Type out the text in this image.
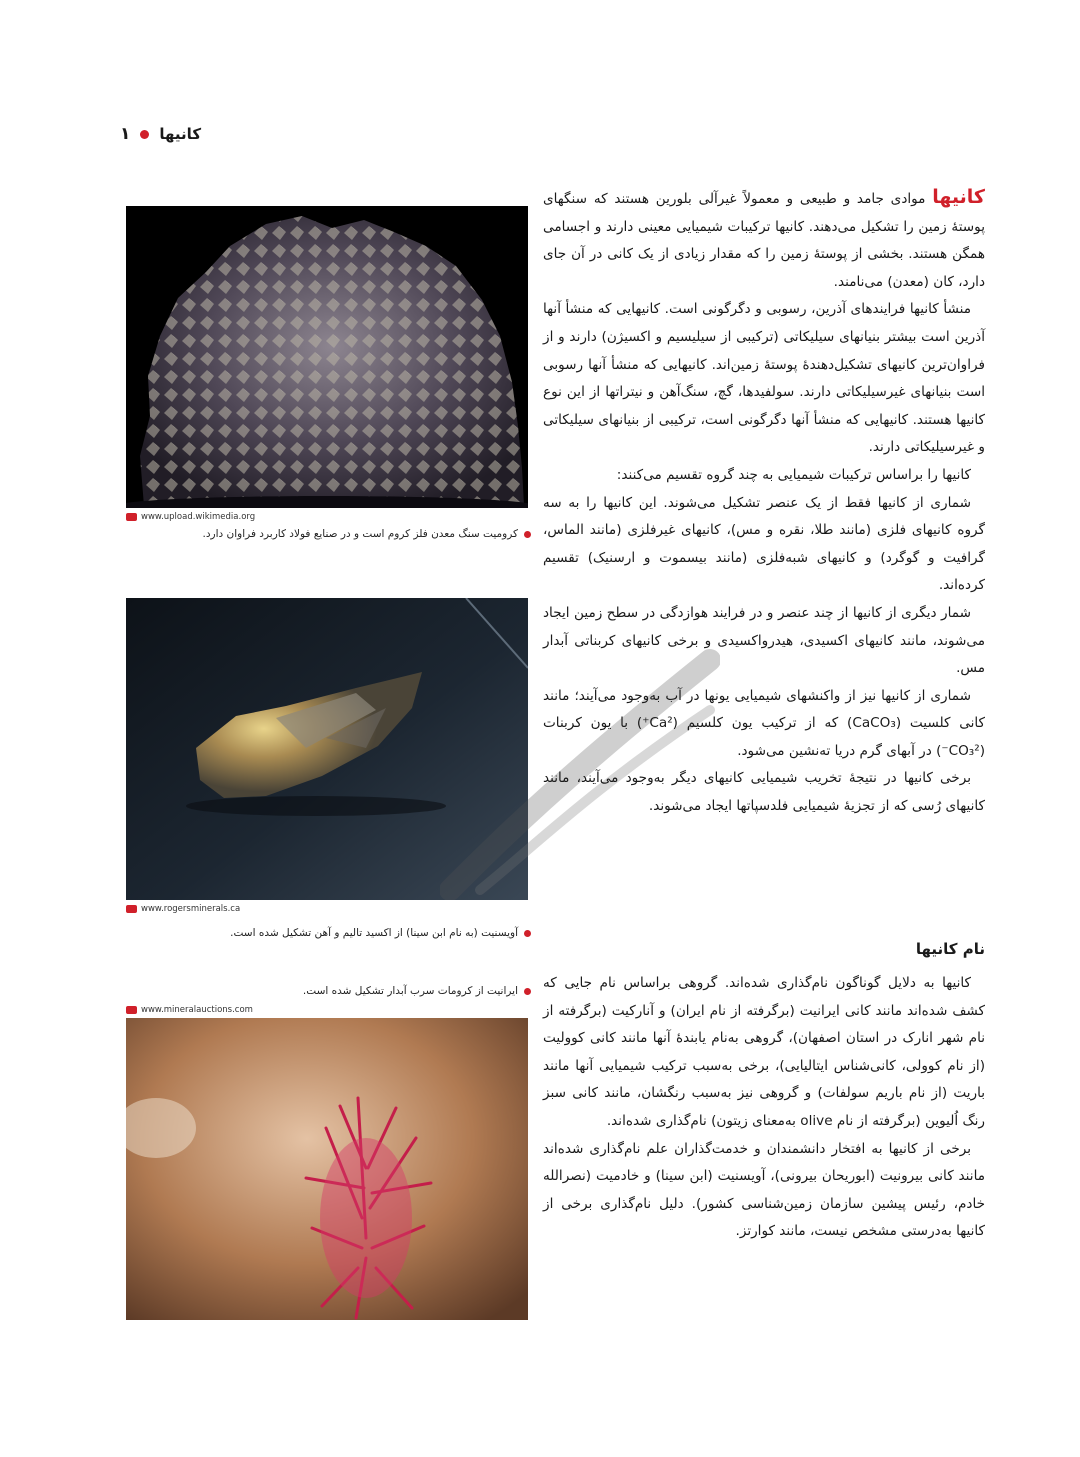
۱ کانیها
www.upload.wikimedia.org
کرومیت سنگ معدن فلز کروم است و در صنایع فولاد کاربرد فراوان دارد.
www.rogersminerals.ca
آویسنیت (به نام ابن سینا) از اکسید تالیم و آهن تشکیل شده است.
ایرانیت از کرومات سرب آبدار تشکیل شده است.
www.mineralauctions.com

کانیها موادی جامد و طبیعی و معمولاً غیرآلی بلورین هستند که سنگهای پوستهٔ زمین را تشکیل می‌دهند. کانیها ترکیبات شیمیایی معینی دارند و اجسامی همگن هستند. بخشی از پوستهٔ زمین را که مقدار زیادی از یک کانی در آن جای دارد، کان (معدن) می‌نامند.

منشأ کانیها فرایندهای آذرین، رسوبی و دگرگونی است. کانیهایی که منشأ آنها آذرین است بیشتر بنیانهای سیلیکاتی (ترکیبی از سیلیسیم و اکسیژن) دارند و از فراوان‌ترین کانیهای تشکیل‌دهندهٔ پوستهٔ زمین‌اند. کانیهایی که منشأ آنها رسوبی است بنیانهای غیرسیلیکاتی دارند. سولفیدها، گچ، سنگ‌آهن و نیتراتها از این نوع کانیها هستند. کانیهایی که منشأ آنها دگرگونی است، ترکیبی از بنیانهای سیلیکاتی و غیرسیلیکاتی دارند.

کانیها را براساس ترکیبات شیمیایی به چند گروه تقسیم می‌کنند:

شماری از کانیها فقط از یک عنصر تشکیل می‌شوند. این کانیها را به سه گروه کانیهای فلزی (مانند طلا، نقره و مس)، کانیهای غیرفلزی (مانند الماس، گرافیت و گوگرد) و کانیهای شبه‌فلزی (مانند بیسموت و ارسنیک) تقسیم کرده‌اند.

شمار دیگری از کانیها از چند عنصر و در فرایند هوازدگی در سطح زمین ایجاد می‌شوند، مانند کانیهای اکسیدی، هیدرواکسیدی و برخی کانیهای کربناتی آبدار مس.

شماری از کانیها نیز از واکنشهای شیمیایی یونها در آب به‌وجود می‌آیند؛ مانند کانی کلسیت (CaCO₃) که از ترکیب یون کلسیم (Ca²⁺) با یون کربنات (CO₃²⁻) در آبهای گرم دریا ته‌نشین می‌شود.

برخی کانیها در نتیجهٔ تخریب شیمیایی کانیهای دیگر به‌وجود می‌آیند، مانند کانیهای رُسی که از تجزیهٔ شیمیایی فلدسپاتها ایجاد می‌شوند.

نام کانیها

کانیها به دلایل گوناگون نام‌گذاری شده‌اند. گروهی براساس نام جایی که کشف شده‌اند مانند کانی ایرانیت (برگرفته از نام ایران) و آنارکیت (برگرفته از نام شهر انارک در استان اصفهان)، گروهی به‌نام یابندهٔ آنها مانند کانی کوولیت (از نام کوولی، کانی‌شناس ایتالیایی)، برخی به‌سبب ترکیب شیمیایی آنها مانند باریت (از نام باریم سولفات) و گروهی نیز به‌سبب رنگشان، مانند کانی سبز رنگ اُلیوین (برگرفته از نام olive به‌معنای زیتون) نام‌گذاری شده‌اند.

برخی از کانیها به افتخار دانشمندان و خدمت‌گذاران علم نام‌گذاری شده‌اند مانند کانی بیرونیت (ابوریحان بیرونی)، آویسنیت (ابن سینا) و خادمیت (نصرالله خادم، رئیس پیشین سازمان زمین‌شناسی کشور). دلیل نام‌گذاری برخی از کانیها به‌درستی مشخص نیست، مانند کوارتز.
